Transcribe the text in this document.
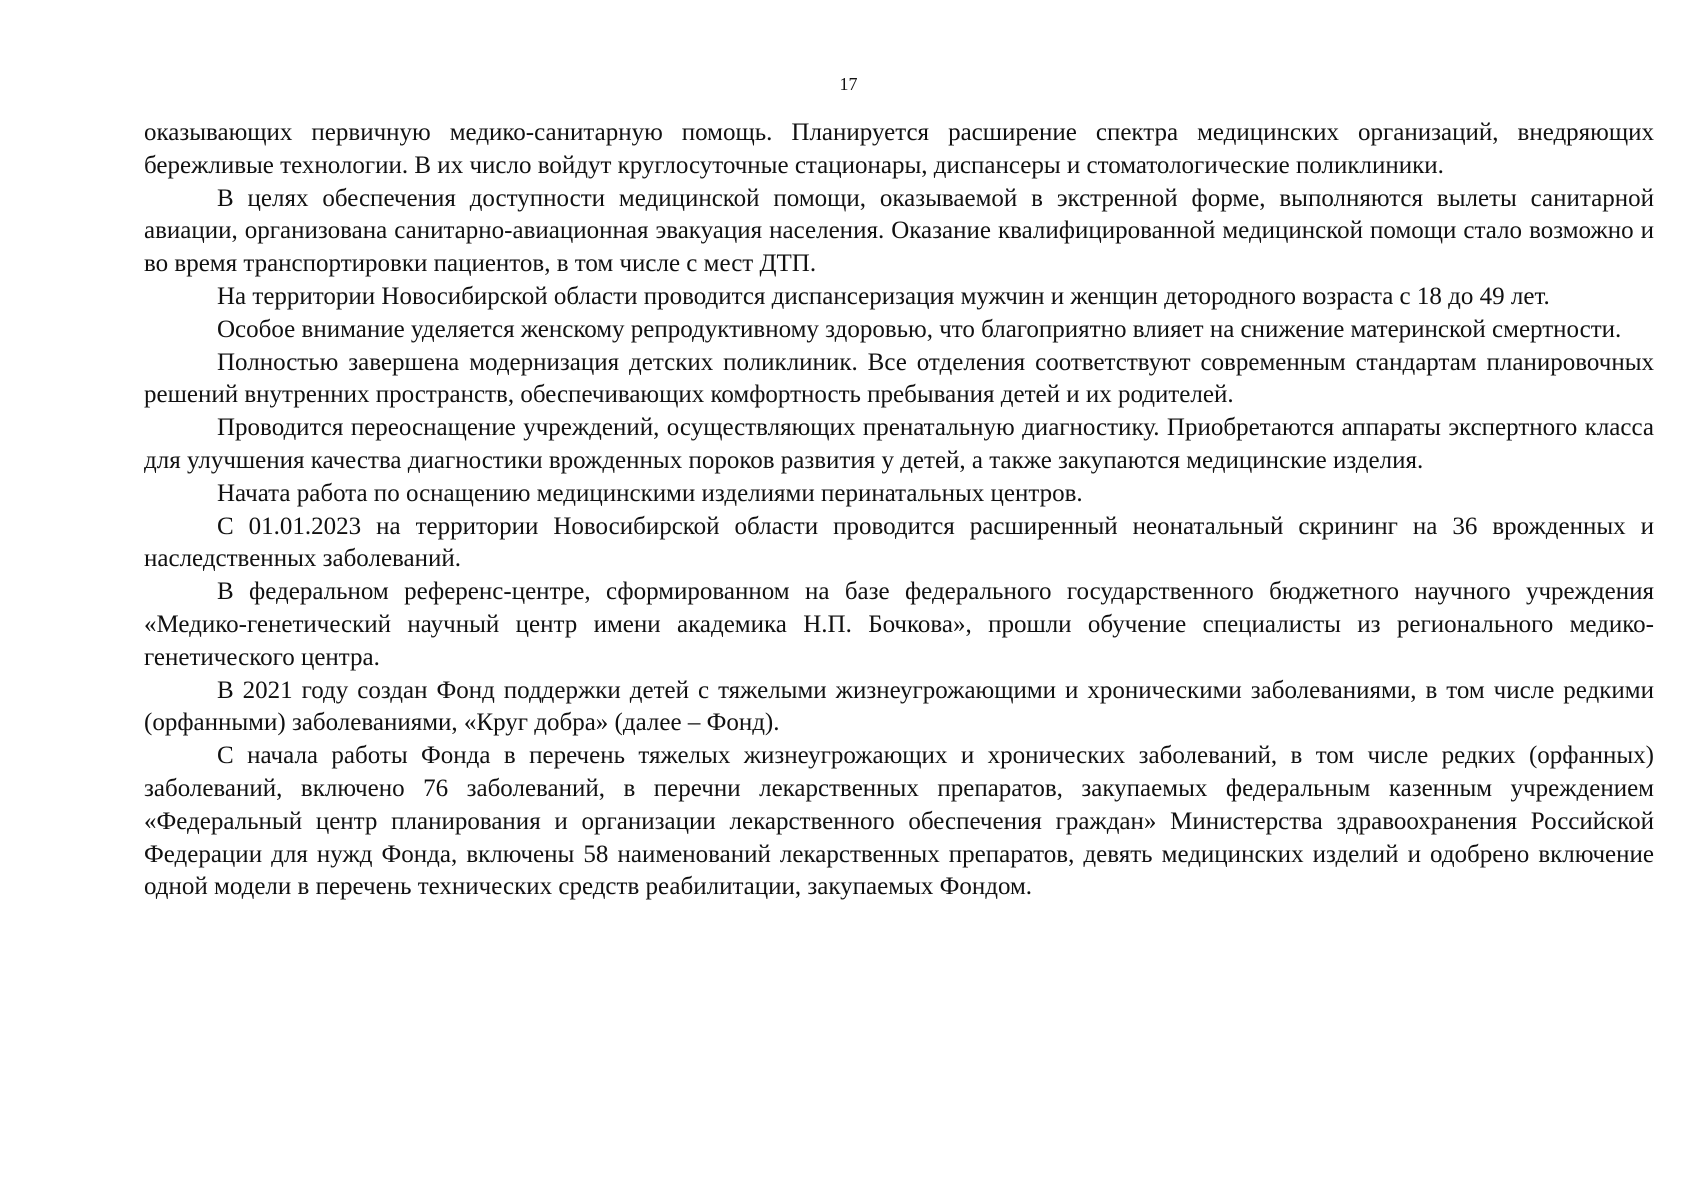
17

оказывающих первичную медико-санитарную помощь. Планируется расширение спектра медицинских организаций, внедряющих бережливые технологии. В их число войдут круглосуточные стационары, диспансеры и стоматологические поликлиники.

В целях обеспечения доступности медицинской помощи, оказываемой в экстренной форме, выполняются вылеты санитарной авиации, организована санитарно-авиационная эвакуация населения. Оказание квалифицированной медицинской помощи стало возможно и во время транспортировки пациентов, в том числе с мест ДТП.

На территории Новосибирской области проводится диспансеризация мужчин и женщин детородного возраста с 18 до 49 лет.

Особое внимание уделяется женскому репродуктивному здоровью, что благоприятно влияет на снижение материнской смертности.

Полностью завершена модернизация детских поликлиник. Все отделения соответствуют современным стандартам планировочных решений внутренних пространств, обеспечивающих комфортность пребывания детей и их родителей.

Проводится переоснащение учреждений, осуществляющих пренатальную диагностику. Приобретаются аппараты экспертного класса для улучшения качества диагностики врожденных пороков развития у детей, а также закупаются медицинские изделия.

Начата работа по оснащению медицинскими изделиями перинатальных центров.

С 01.01.2023 на территории Новосибирской области проводится расширенный неонатальный скрининг на 36 врожденных и наследственных заболеваний.

В федеральном референс-центре, сформированном на базе федерального государственного бюджетного научного учреждения «Медико-генетический научный центр имени академика Н.П. Бочкова», прошли обучение специалисты из регионального медико-генетического центра.

В 2021 году создан Фонд поддержки детей с тяжелыми жизнеугрожающими и хроническими заболеваниями, в том числе редкими (орфанными) заболеваниями, «Круг добра» (далее – Фонд).

С начала работы Фонда в перечень тяжелых жизнеугрожающих и хронических заболеваний, в том числе редких (орфанных) заболеваний, включено 76 заболеваний, в перечни лекарственных препаратов, закупаемых федеральным казенным учреждением «Федеральный центр планирования и организации лекарственного обеспечения граждан» Министерства здравоохранения Российской Федерации для нужд Фонда, включены 58 наименований лекарственных препаратов, девять медицинских изделий и одобрено включение одной модели в перечень технических средств реабилитации, закупаемых Фондом.
